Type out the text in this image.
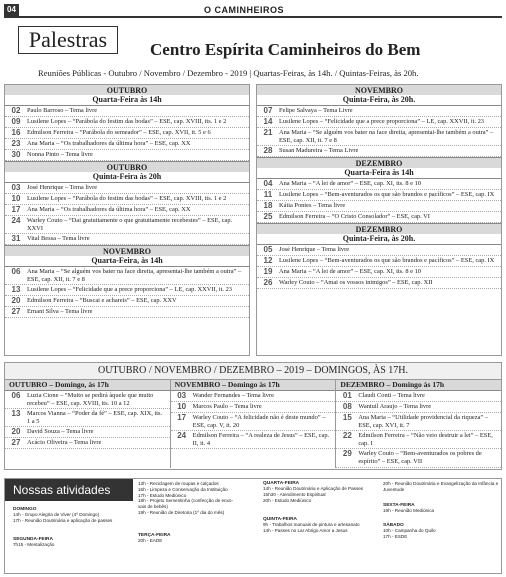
04	O CAMINHEIROS
Palestras	Centro Espírita Caminheiros do Bem
Reuniões Públicas - Outubro / Novembro / Dezembro - 2019 | Quartas-Feiras, às 14h. / Quintas-Feiras, às 20h.
OUTUBRO
Quarta-Feira às 14h
02	Paulo Barroso – Tema livre
09	Lusilene Lopes – “Parábola do festim das bodas” – ESE, cap. XVIII, its. 1 e 2
16	Edmilson Ferreira – “Parábola do semeador” – ESE, cap. XVII, it. 5 e 6
23	Ana Maria – “Os trabalhadores da última hora” – ESE, cap. XX
30	Nonna Pinto – Tema livre
OUTUBRO
Quinta-Feira às 20h
03	José Henrique – Tema livre
10	Lusilene Lopes – “Parábola do festim das bodas” – ESE, cap. XVIII, its. 1 e 2
17	Ana Maria – “Os trabalhadores da última hora” – ESE, cap. XX
24	Warley Couto – “Dai gratuitamente o que gratuitamente recebestes” – ESE, cap. XXVI
31	Vital Bessa – Tema livre
NOVEMBRO
Quarta-Feira, às 14h
06	Ana Maria – “Se alguém vos bater na face direita, apresentai-lhe também a outra” – ESE, cap. XII, it. 7 e 8
13	Lusilene Lopes – “Felicidade que a prece proporciona” – LE, cap. XXVII, it. 23
20	Edmilson Ferreira – “Buscai e achareis” – ESE, cap. XXV
27	Ernani Silva – Tema livre
NOVEMBRO
Quinta-Feira, às 20h.
07	Felipe Salvaya – Tema Livre
14	Lusilene Lopes – “Felicidade que a prece proporciona” – LE, cap. XXVII, it. 23
21	Ana Maria – “Se alguém vos bater na face direita, apresentai-lhe também a outra” – ESE, cap. XII, it. 7 e 8
28	Susan Madureira – Tema Livre
DEZEMBRO
Quarta-Feira às 14h
04	Ana Maria – “A lei de amor” – ESE, cap. XI, its. 8 e 10
11	Lusilene Lopes – “Bem-aventurados os que são brandos e pacíficos” – ESE, cap. IX
18	Kátia Pontes – Tema livre
25	Edmilson Ferreira – “O Cristo Consolador” – ESE, cap. VI
DEZEMBRO
Quinta-Feira, às 20h.
05	José Henrique – Tema livre
12	Lusilene Lopes – “Bem-aventurados os que são brandos e pacíficos” – ESE, cap. IX
19	Ana Maria – “A lei de amor” – ESE, cap. XI, its. 8 e 10
26	Warley Couto – “Amai os vossos inimigos” – ESE, cap. XII
OUTUBRO / NOVEMBRO / DEZEMBRO – 2019 – DOMINGOS, ÀS 17H.
OUTUBRO – Domingo, às 17h
06	Luzia Cione – “Muito se pedirá àquele que muito recebeu” – ESE, cap. XVIII, its. 10 a 12
13	Marcos Vianna – “Poder da fé” – ESE, cap. XIX, its. 1 a 5
20	David Souza – Tema livre
27	Acácio Oliveira – Tema livre
NOVEMBRO – Domingo às 17h
03	Wander Fernandes – Tema livre
10	Marcos Paulo – Tema livre
17	Warley Couto – “A felicidade não é deste mundo” – ESE, cap. V, it. 20
24	Edmilson Ferreira – “A realeza de Jesus” – ESE, cap. II, it. 4
DEZEMBRO – Domingo às 17h
01	Claudi Conti – Tema livre
08	Wantuil Araujo – Tema livre
15	Ana Maria – “Utilidade providencial da riqueza” – ESE, cap. XVI, it. 7
22	Edmilson Ferreira – “Não veio destruir a lei” – ESE, cap. I
29	Warley Couto – “Bem-aventurados os pobres de espírito” – ESE, cap. VII
Nossas atividades
DOMINGO
14h - Grupo Alegria de Viver (4º Domingo)
17h - Reunião Doutrinária e aplicação de passes
SEGUNDA-FEIRA
7h15 - Mentalização
13h - Reciclagem de roupas e calçados
16h - Limpeza e Conservação da Instituição
17h - Estudo Mediúnico
18h - Projeto Sementinha (confecção de enxo-
vais de bebês)
19h - Reunião de Diretoria (1º dia do mês)
TERÇA-FEIRA
20h - EADE
QUARTA-FEIRA
14h - Reunião Doutrinária e Aplicação de Passes
15h30 - Atendimento Espiritual
20h - Estudo Mediúnico
QUINTA-FEIRA
9h - Trabalhos manuais de pintura e artesanato
14h - Passes no Lar Abrigo Amor a Jesus
20h - Reunião Doutrinária e Evangelização da Infância e Juventude
SEXTA-FEIRA
19h - Reunião Mediúnica
SÁBADO
10h - Campanha do Quilo
17h - ESDE
